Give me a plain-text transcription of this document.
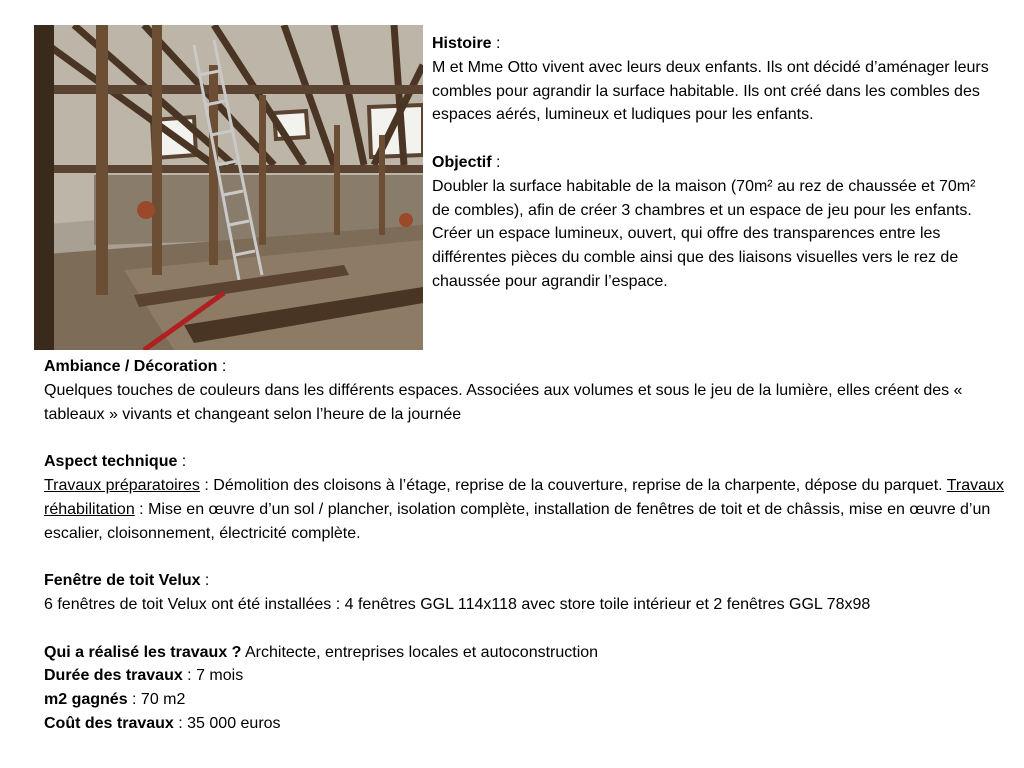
Histoire :

M et Mme Otto vivent avec leurs deux enfants. Ils ont décidé d’aménager leurs combles pour agrandir la surface habitable. Ils ont créé dans les combles des espaces aérés, lumineux et ludiques pour les enfants.

Objectif :

Doubler la surface habitable de la maison (70m² au rez de chaussée et 70m² de combles), afin de créer 3 chambres et un espace de jeu pour les enfants.

Créer un espace lumineux, ouvert, qui offre des transparences entre les différentes pièces du comble ainsi que des liaisons visuelles vers le rez de chaussée pour agrandir l’espace.

Ambiance / Décoration :

Quelques touches de couleurs dans les différents espaces. Associées aux volumes et sous le jeu de la lumière, elles créent des « tableaux » vivants et changeant selon l’heure de la journée

Aspect technique :

Travaux préparatoires : Démolition des cloisons à l’étage, reprise de la couverture, reprise de la charpente, dépose du parquet. Travaux réhabilitation : Mise en œuvre d’un sol / plancher, isolation complète, installation de fenêtres de toit et de châssis, mise en œuvre d’un escalier, cloisonnement, électricité complète.

Fenêtre de toit Velux :

6 fenêtres de toit Velux ont été installées : 4 fenêtres GGL 114x118 avec store toile intérieur et 2 fenêtres GGL 78x98

Qui a réalisé les travaux ? Architecte, entreprises locales et autoconstruction

Durée des travaux : 7 mois

m2 gagnés : 70 m2

Coût des travaux : 35 000 euros
